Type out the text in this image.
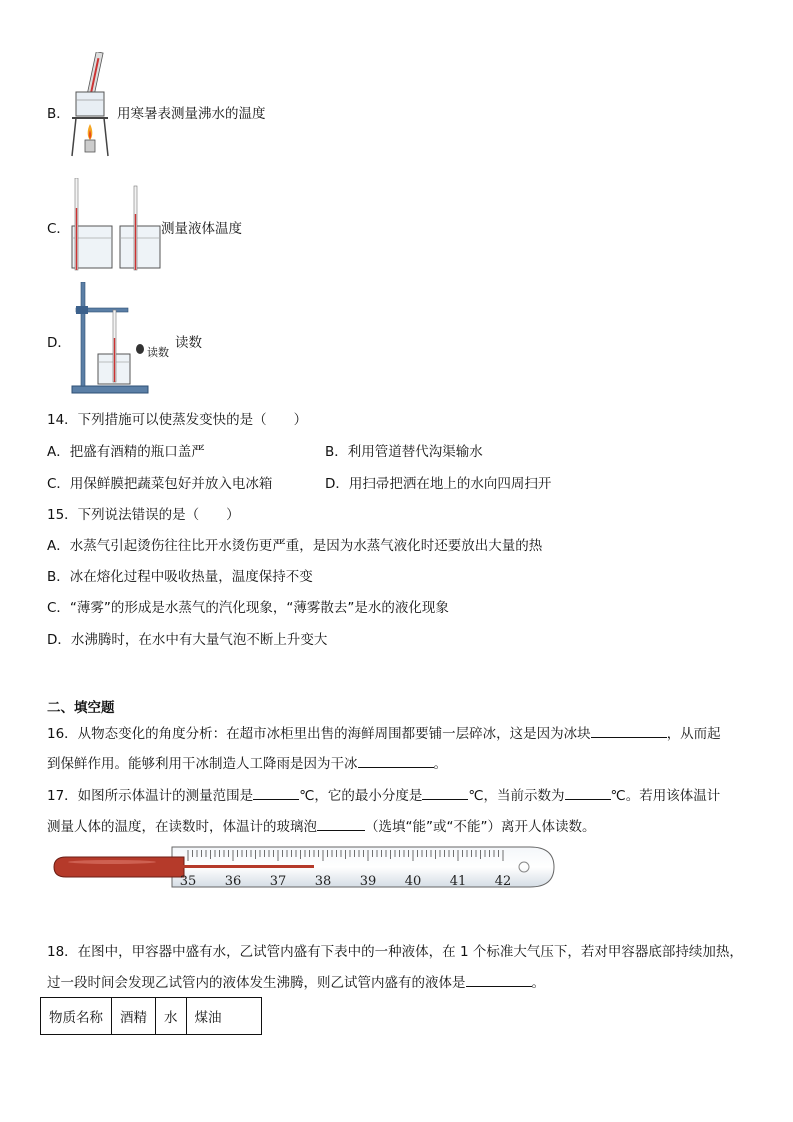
B．	用寒暑表测量沸水的温度
C．	测量液体温度
读数
D．	读数
14．下列措施可以使蒸发变快的是（　　）
A．把盛有酒精的瓶口盖严	B．利用管道替代沟渠输水
C．用保鲜膜把蔬菜包好并放入电冰箱	D．用扫帚把洒在地上的水向四周扫开
15．下列说法错误的是（　　）
A．水蒸气引起烫伤往往比开水烫伤更严重，是因为水蒸气液化时还要放出大量的热
B．冰在熔化过程中吸收热量，温度保持不变
C．“薄雾”的形成是水蒸气的汽化现象，“薄雾散去”是水的液化现象
D．水沸腾时，在水中有大量气泡不断上升变大
二、填空题
16．从物态变化的角度分析：在超市冰柜里出售的海鲜周围都要铺一层碎冰，这是因为冰块	，从而起
到保鲜作用。能够利用干冰制造人工降雨是因为干冰	。
17．如图所示体温计的测量范围是	℃，它的最小分度是	℃，当前示数为	℃。若用该体温计
测量人体的温度，在读数时，体温计的玻璃泡	（选填“能”或“不能”）离开人体读数。
35 36 37 38 39 40 41 42
18．在图中，甲容器中盛有水，乙试管内盛有下表中的一种液体，在 1 个标准大气压下，若对甲容器底部持续加热，
过一段时间会发现乙试管内的液体发生沸腾，则乙试管内盛有的液体是	。
物质名称	酒精	水	煤油
